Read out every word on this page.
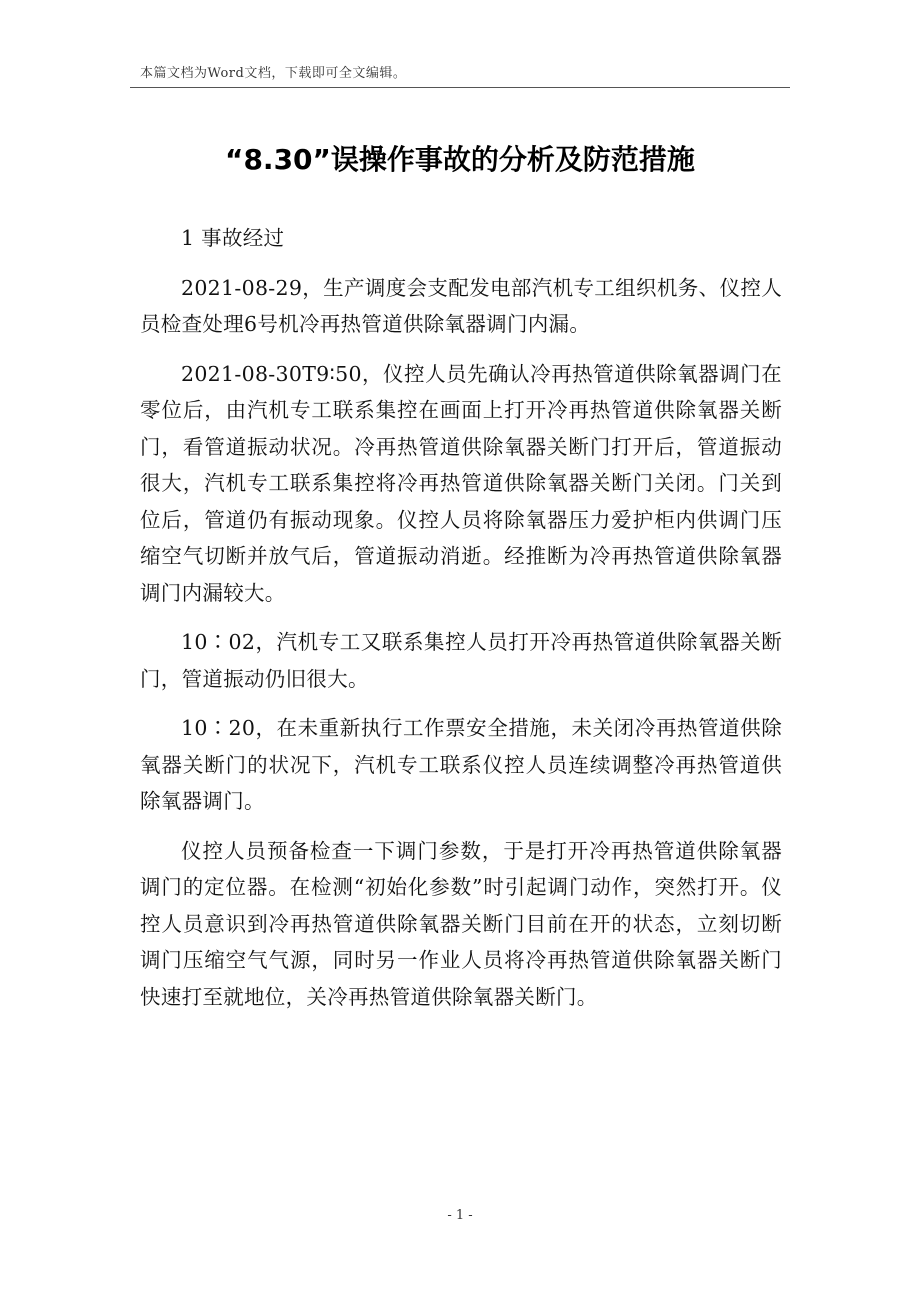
本篇文档为Word文档，下载即可全文编辑。
“8.30”误操作事故的分析及防范措施

1 事故经过

2021-08-29，生产调度会支配发电部汽机专工组织机务、仪控人员检查处理6号机冷再热管道供除氧器调门内漏。

2021-08-30T9∶50，仪控人员先确认冷再热管道供除氧器调门在零位后，由汽机专工联系集控在画面上打开冷再热管道供除氧器关断门，看管道振动状况。冷再热管道供除氧器关断门打开后，管道振动很大，汽机专工联系集控将冷再热管道供除氧器关断门关闭。门关到位后，管道仍有振动现象。仪控人员将除氧器压力爱护柜内供调门压缩空气切断并放气后，管道振动消逝。经推断为冷再热管道供除氧器调门内漏较大。

10∶02，汽机专工又联系集控人员打开冷再热管道供除氧器关断门，管道振动仍旧很大。

10∶20，在未重新执行工作票安全措施，未关闭冷再热管道供除氧器关断门的状况下，汽机专工联系仪控人员连续调整冷再热管道供除氧器调门。

仪控人员预备检查一下调门参数，于是打开冷再热管道供除氧器调门的定位器。在检测“初始化参数”时引起调门动作，突然打开。仪控人员意识到冷再热管道供除氧器关断门目前在开的状态，立刻切断调门压缩空气气源，同时另一作业人员将冷再热管道供除氧器关断门快速打至就地位，关冷再热管道供除氧器关断门。

- 1 -
